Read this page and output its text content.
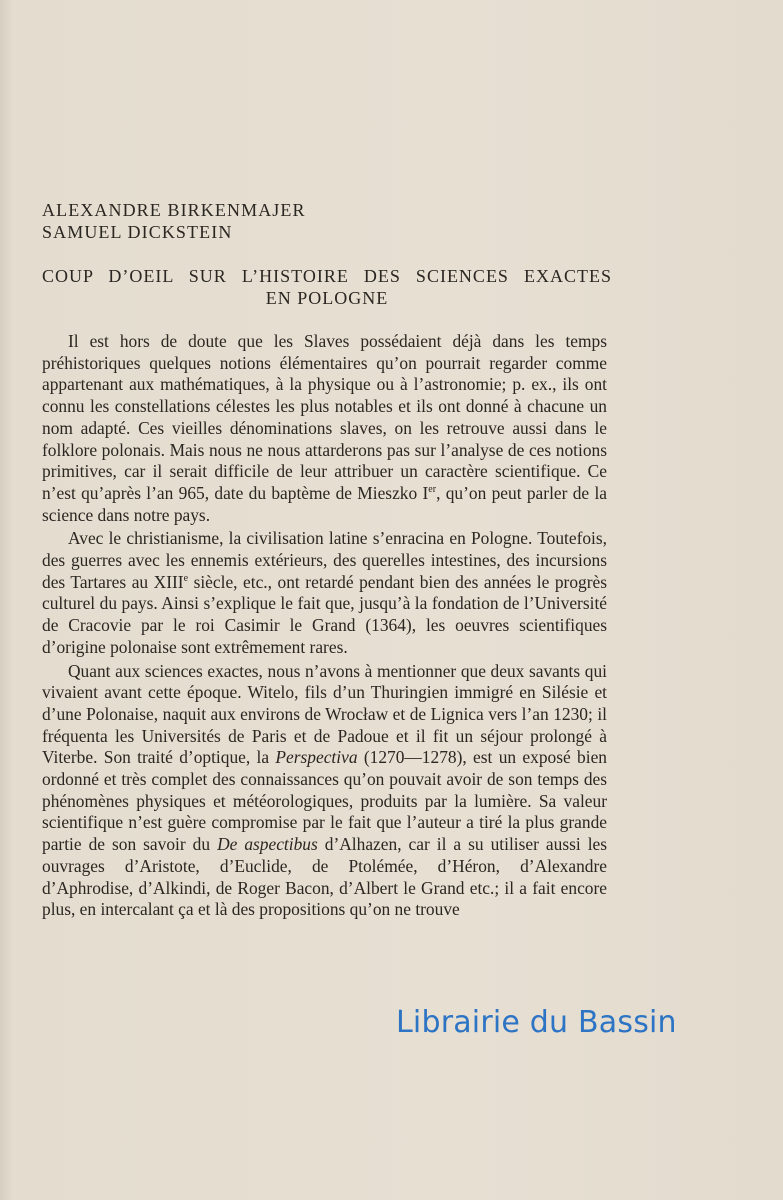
ALEXANDRE BIRKENMAJER
SAMUEL DICKSTEIN
COUP D’OEIL SUR L’HISTOIRE DES SCIENCES EXACTES
EN POLOGNE

Il est hors de doute que les Slaves possédaient déjà dans les temps préhistoriques quelques notions élémentaires qu’on pourrait regarder comme appartenant aux mathématiques, à la physique ou à l’astronomie; p. ex., ils ont connu les constellations célestes les plus notables et ils ont donné à chacune un nom adapté. Ces vieilles dénominations slaves, on les retrouve aussi dans le folklore polonais. Mais nous ne nous attarderons pas sur l’analyse de ces notions primitives, car il serait difficile de leur attribuer un caractère scientifique. Ce n’est qu’après l’an 965, date du baptème de Mieszko Ier, qu’on peut parler de la science dans notre pays.

Avec le christianisme, la civilisation latine s’enracina en Pologne. Toutefois, des guerres avec les ennemis extérieurs, des querelles intestines, des incursions des Tartares au XIIIe siècle, etc., ont retardé pendant bien des années le progrès culturel du pays. Ainsi s’explique le fait que, jusqu’à la fondation de l’Université de Cracovie par le roi Casimir le Grand (1364), les oeuvres scientifiques d’origine polonaise sont extrêmement rares.

Quant aux sciences exactes, nous n’avons à mentionner que deux savants qui vivaient avant cette époque. Witelo, fils d’un Thuringien immigré en Silésie et d’une Polonaise, naquit aux environs de Wrocław et de Lignica vers l’an 1230; il fréquenta les Universités de Paris et de Padoue et il fit un séjour prolongé à Viterbe. Son traité d’optique, la Perspectiva (1270—1278), est un exposé bien ordonné et très complet des connaissances qu’on pouvait avoir de son temps des phénomènes physiques et météorologiques, produits par la lumière. Sa valeur scientifique n’est guère compromise par le fait que l’auteur a tiré la plus grande partie de son savoir du De aspectibus d’Alhazen, car il a su utiliser aussi les ouvrages d’Aristote, d’Euclide, de Ptolémée, d’Héron, d’Alexandre d’Aphrodise, d’Alkindi, de Roger Bacon, d’Albert le Grand etc.; il a fait encore plus, en intercalant ça et là des propositions qu’on ne trouve

Librairie du Bassin
